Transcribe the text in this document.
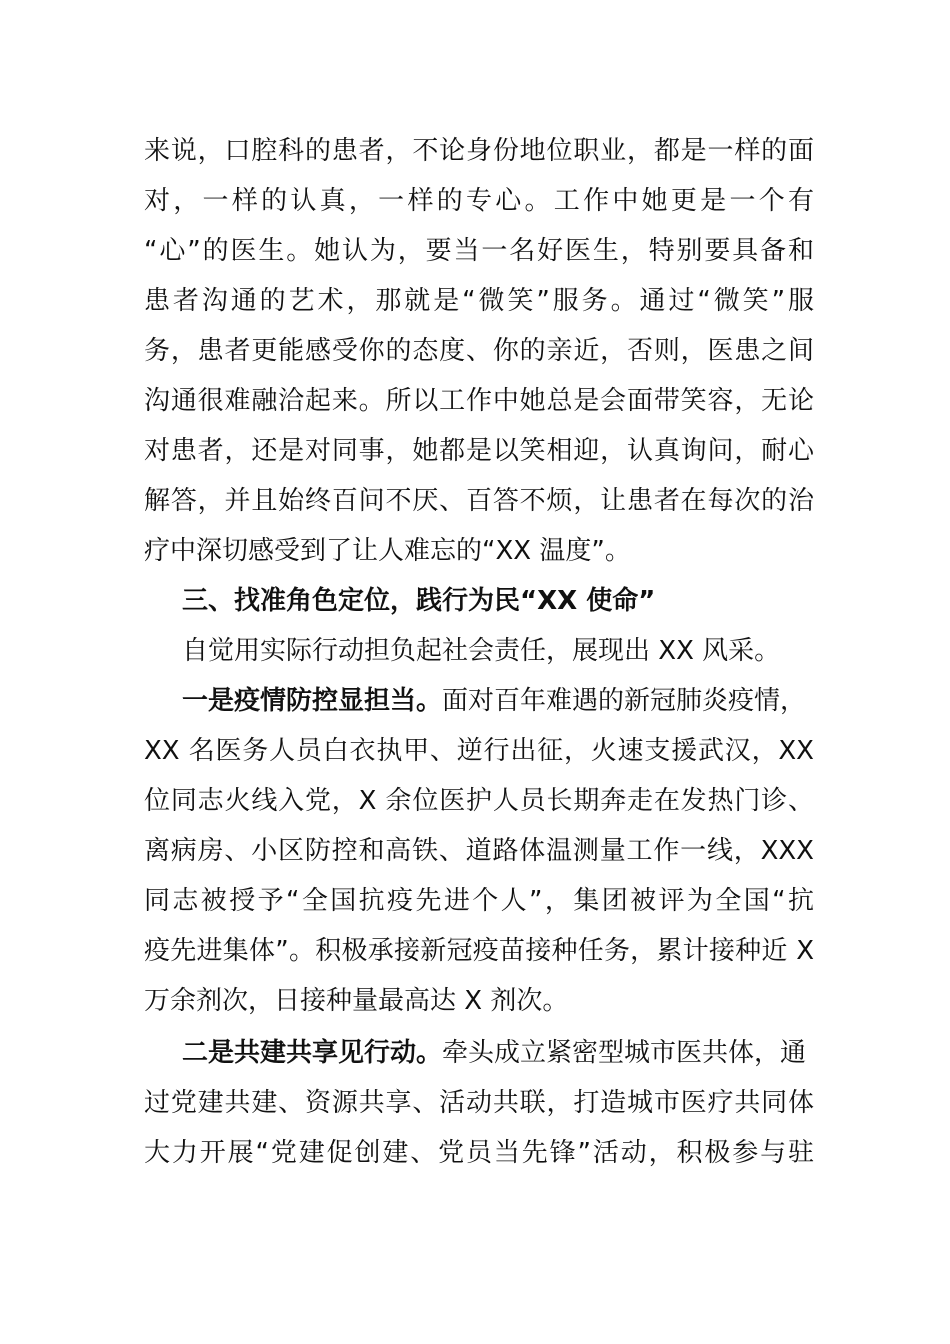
来说，口腔科的患者，不论身份地位职业，都是一样的面
对，一样的认真，一样的专心。工作中她更是一个有
“心”的医生。她认为，要当一名好医生，特别要具备和
患者沟通的艺术，那就是“微笑”服务。通过“微笑”服
务，患者更能感受你的态度、你的亲近，否则，医患之间
沟通很难融洽起来。所以工作中她总是会面带笑容，无论
对患者，还是对同事，她都是以笑相迎，认真询问，耐心
解答，并且始终百问不厌、百答不烦，让患者在每次的治
疗中深切感受到了让人难忘的“XX 温度”。
三、找准角色定位，践行为民“XX 使命”
自觉用实际行动担负起社会责任，展现出 XX 风采。
一是疫情防控显担当。面对百年难遇的新冠肺炎疫情，
XX 名医务人员白衣执甲、逆行出征，火速支援武汉，XX
位同志火线入党，X 余位医护人员长期奔走在发热门诊、
离病房、小区防控和高铁、道路体温测量工作一线，XXX
同志被授予“全国抗疫先进个人”，集团被评为全国“抗
疫先进集体”。积极承接新冠疫苗接种任务，累计接种近 X
万余剂次，日接种量最高达 X 剂次。
二是共建共享见行动。牵头成立紧密型城市医共体，通
过党建共建、资源共享、活动共联，打造城市医疗共同体
大力开展“党建促创建、党员当先锋”活动，积极参与驻
